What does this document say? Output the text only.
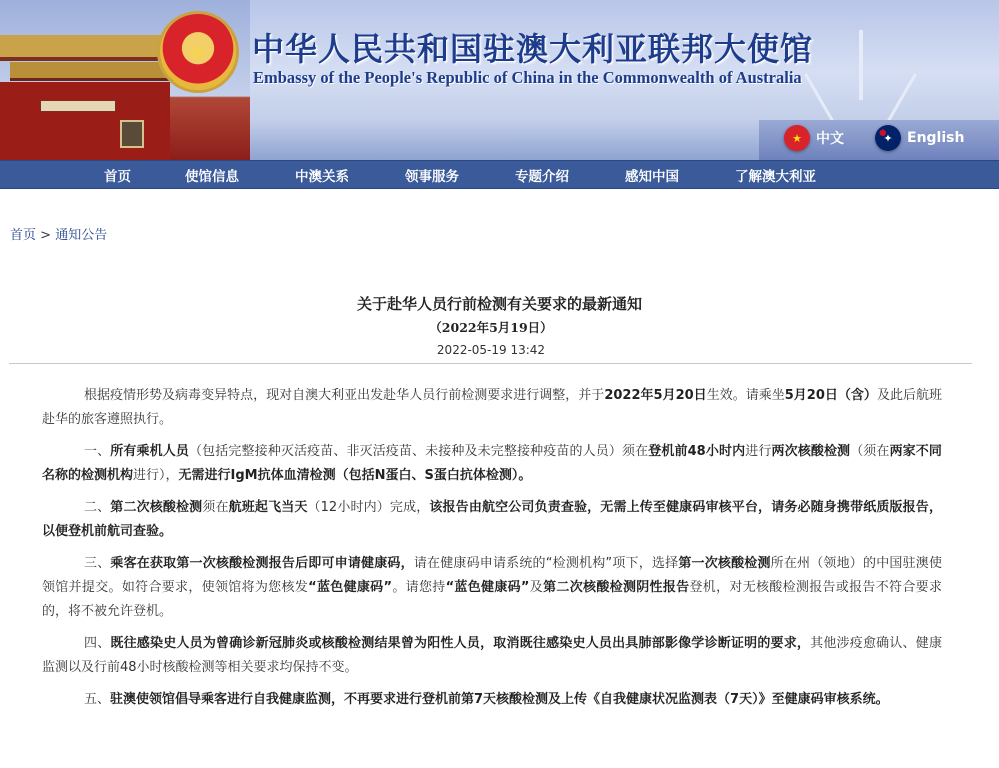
★	中华人民共和国驻澳大利亚联邦大使馆
Embassy of the People's Republic of China in the Commonwealth of Australia
★	中文	✦	English
首页	使馆信息	中澳关系	领事服务	专题介绍	感知中国	了解澳大利亚
首页 > 通知公告
关于赴华人员行前检测有关要求的最新通知
（2022年5月19日）
2022-05-19 13:42

根据疫情形势及病毒变异特点，现对自澳大利亚出发赴华人员行前检测要求进行调整，并于2022年5月20日生效。请乘坐5月20日（含）及此后航班赴华的旅客遵照执行。

一、所有乘机人员（包括完整接种灭活疫苗、非灭活疫苗、未接种及未完整接种疫苗的人员）须在登机前48小时内进行两次核酸检测（须在两家不同名称的检测机构进行），无需进行IgM抗体血清检测（包括N蛋白、S蛋白抗体检测）。

二、第二次核酸检测须在航班起飞当天（12小时内）完成，该报告由航空公司负责查验，无需上传至健康码审核平台，请务必随身携带纸质版报告，以便登机前航司查验。

三、乘客在获取第一次核酸检测报告后即可申请健康码，请在健康码申请系统的“检测机构”项下，选择第一次核酸检测所在州（领地）的中国驻澳使领馆并提交。如符合要求，使领馆将为您核发“蓝色健康码”。请您持“蓝色健康码”及第二次核酸检测阴性报告登机，对无核酸检测报告或报告不符合要求的，将不被允许登机。

四、既往感染史人员为曾确诊新冠肺炎或核酸检测结果曾为阳性人员，取消既往感染史人员出具肺部影像学诊断证明的要求，其他涉疫愈确认、健康监测以及行前48小时核酸检测等相关要求均保持不变。

五、驻澳使领馆倡导乘客进行自我健康监测，不再要求进行登机前第7天核酸检测及上传《自我健康状况监测表（7天）》至健康码审核系统。
